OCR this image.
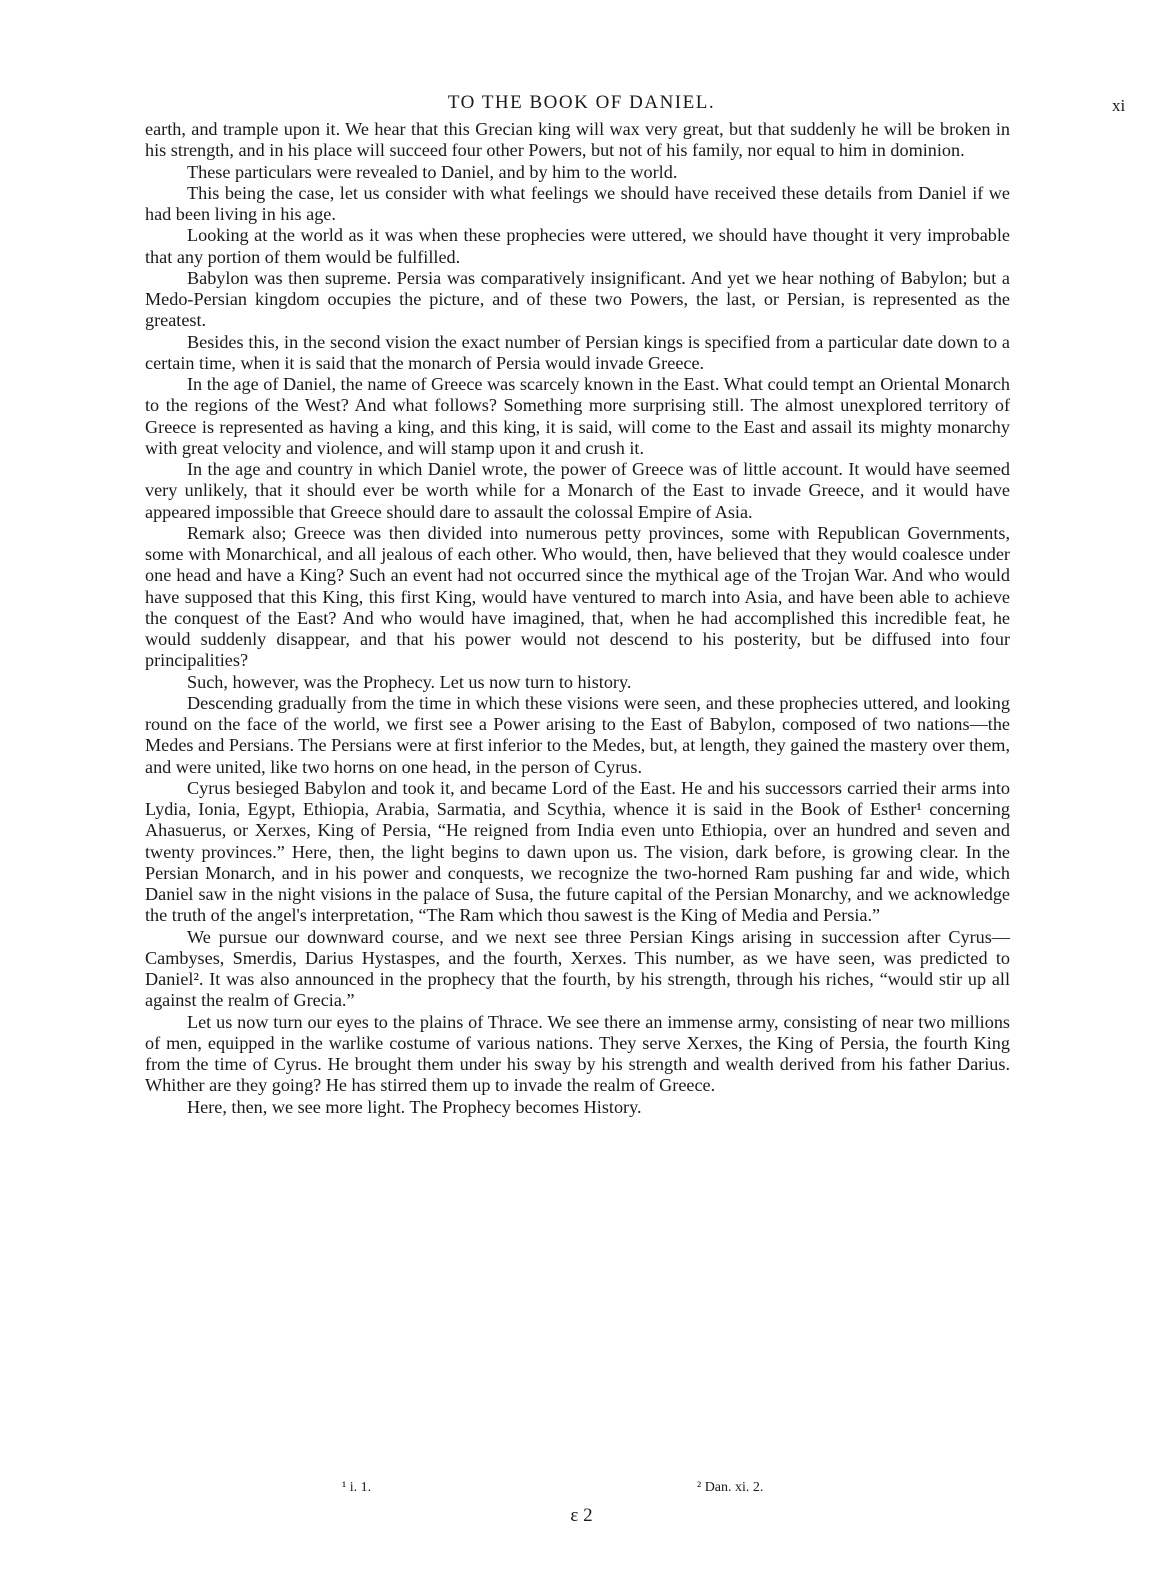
TO THE BOOK OF DANIEL.	xi

earth, and trample upon it. We hear that this Grecian king will wax very great, but that suddenly he will be broken in his strength, and in his place will succeed four other Powers, but not of his family, nor equal to him in dominion.

These particulars were revealed to Daniel, and by him to the world.

This being the case, let us consider with what feelings we should have received these details from Daniel if we had been living in his age.

Looking at the world as it was when these prophecies were uttered, we should have thought it very improbable that any portion of them would be fulfilled.

Babylon was then supreme. Persia was comparatively insignificant. And yet we hear nothing of Babylon; but a Medo-Persian kingdom occupies the picture, and of these two Powers, the last, or Persian, is represented as the greatest.

Besides this, in the second vision the exact number of Persian kings is specified from a particular date down to a certain time, when it is said that the monarch of Persia would invade Greece.

In the age of Daniel, the name of Greece was scarcely known in the East. What could tempt an Oriental Monarch to the regions of the West? And what follows? Something more surprising still. The almost unexplored territory of Greece is represented as having a king, and this king, it is said, will come to the East and assail its mighty monarchy with great velocity and violence, and will stamp upon it and crush it.

In the age and country in which Daniel wrote, the power of Greece was of little account. It would have seemed very unlikely, that it should ever be worth while for a Monarch of the East to invade Greece, and it would have appeared impossible that Greece should dare to assault the colossal Empire of Asia.

Remark also; Greece was then divided into numerous petty provinces, some with Republican Governments, some with Monarchical, and all jealous of each other. Who would, then, have believed that they would coalesce under one head and have a King? Such an event had not occurred since the mythical age of the Trojan War. And who would have supposed that this King, this first King, would have ventured to march into Asia, and have been able to achieve the conquest of the East? And who would have imagined, that, when he had accomplished this incredible feat, he would suddenly disappear, and that his power would not descend to his posterity, but be diffused into four principalities?

Such, however, was the Prophecy. Let us now turn to history.

Descending gradually from the time in which these visions were seen, and these prophecies uttered, and looking round on the face of the world, we first see a Power arising to the East of Babylon, composed of two nations—the Medes and Persians. The Persians were at first inferior to the Medes, but, at length, they gained the mastery over them, and were united, like two horns on one head, in the person of Cyrus.

Cyrus besieged Babylon and took it, and became Lord of the East. He and his successors carried their arms into Lydia, Ionia, Egypt, Ethiopia, Arabia, Sarmatia, and Scythia, whence it is said in the Book of Esther¹ concerning Ahasuerus, or Xerxes, King of Persia, “He reigned from India even unto Ethiopia, over an hundred and seven and twenty provinces.” Here, then, the light begins to dawn upon us. The vision, dark before, is growing clear. In the Persian Monarch, and in his power and conquests, we recognize the two-horned Ram pushing far and wide, which Daniel saw in the night visions in the palace of Susa, the future capital of the Persian Monarchy, and we acknowledge the truth of the angel's interpretation, “The Ram which thou sawest is the King of Media and Persia.”

We pursue our downward course, and we next see three Persian Kings arising in succession after Cyrus—Cambyses, Smerdis, Darius Hystaspes, and the fourth, Xerxes. This number, as we have seen, was predicted to Daniel². It was also announced in the prophecy that the fourth, by his strength, through his riches, “would stir up all against the realm of Grecia.”

Let us now turn our eyes to the plains of Thrace. We see there an immense army, consisting of near two millions of men, equipped in the warlike costume of various nations. They serve Xerxes, the King of Persia, the fourth King from the time of Cyrus. He brought them under his sway by his strength and wealth derived from his father Darius. Whither are they going? He has stirred them up to invade the realm of Greece.

Here, then, we see more light. The Prophecy becomes History.

¹ i. 1.	² Dan. xi. 2.
ε 2
